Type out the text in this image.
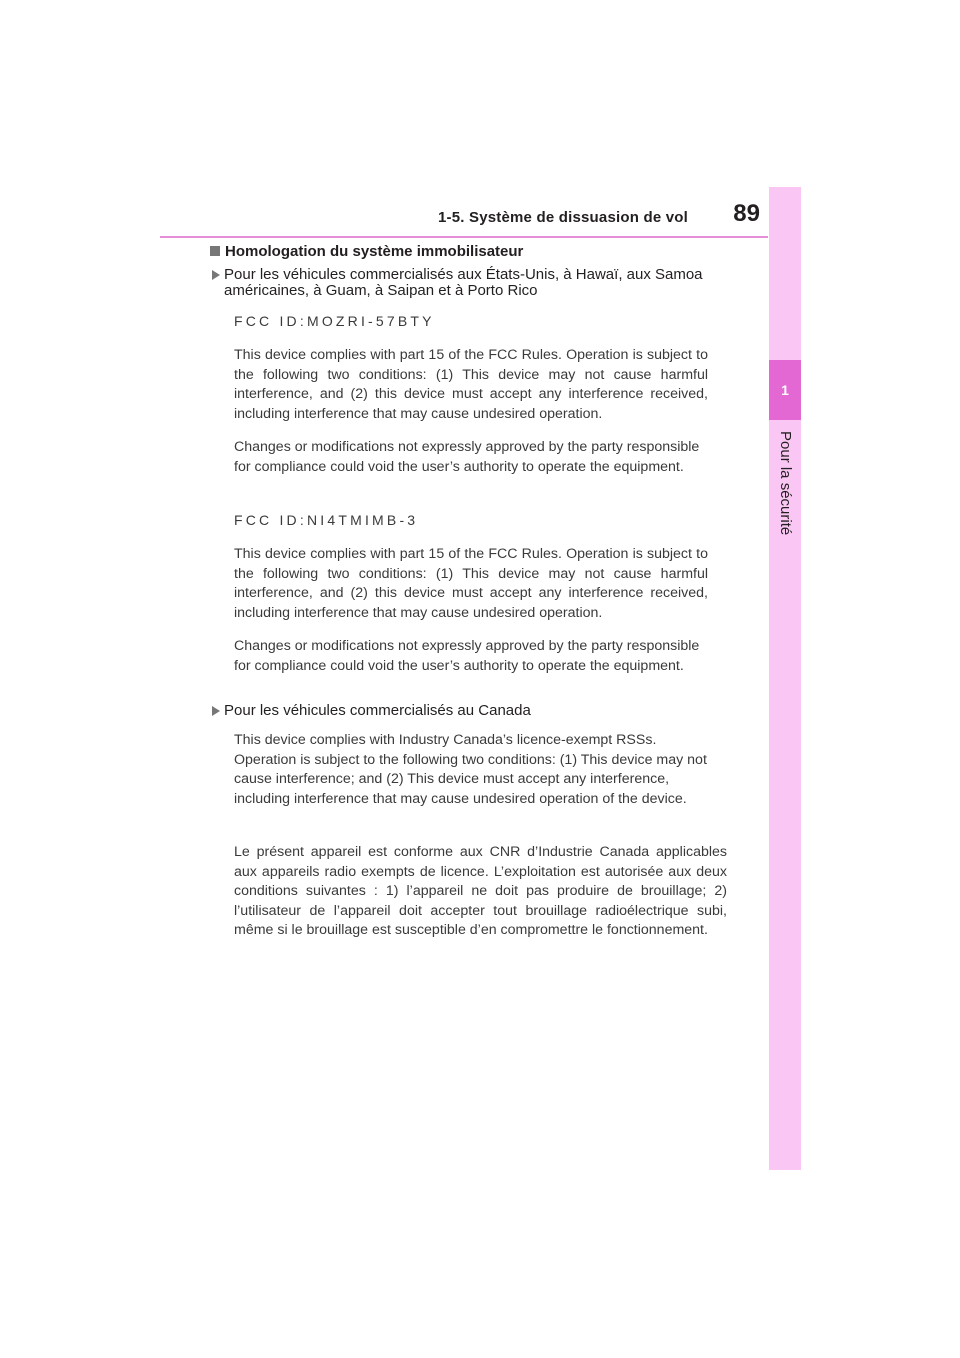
1-5. Système de dissuasion de vol 89
1
Pour la sécurité
Homologation du système immobilisateur
Pour les véhicules commercialisés aux États-Unis, à Hawaï, aux Samoa américaines, à Guam, à Saipan et à Porto Rico
FCC ID:MOZRI-57BTY
This device complies with part 15 of the FCC Rules. Operation is subject to the following two conditions: (1) This device may not cause harmful interference, and (2) this device must accept any interference received, including interference that may cause undesired operation.
Changes or modifications not expressly approved by the party responsible for compliance could void the user’s authority to operate the equipment.
FCC ID:NI4TMIMB-3
This device complies with part 15 of the FCC Rules. Operation is subject to the following two conditions: (1) This device may not cause harmful interference, and (2) this device must accept any interference received, including interference that may cause undesired operation.
Changes or modifications not expressly approved by the party responsible for compliance could void the user’s authority to operate the equipment.
Pour les véhicules commercialisés au Canada
This device complies with Industry Canada’s licence-exempt RSSs. Operation is subject to the following two conditions: (1) This device may not cause interference; and (2) This device must accept any interference, including interference that may cause undesired operation of the device.
Le présent appareil est conforme aux CNR d’Industrie Canada applicables aux appareils radio exempts de licence. L’exploitation est autorisée aux deux conditions suivantes : 1) l’appareil ne doit pas produire de brouillage; 2) l’utilisateur de l’appareil doit accepter tout brouillage radioélectrique subi, même si le brouillage est susceptible d’en compromettre le fonctionnement.
